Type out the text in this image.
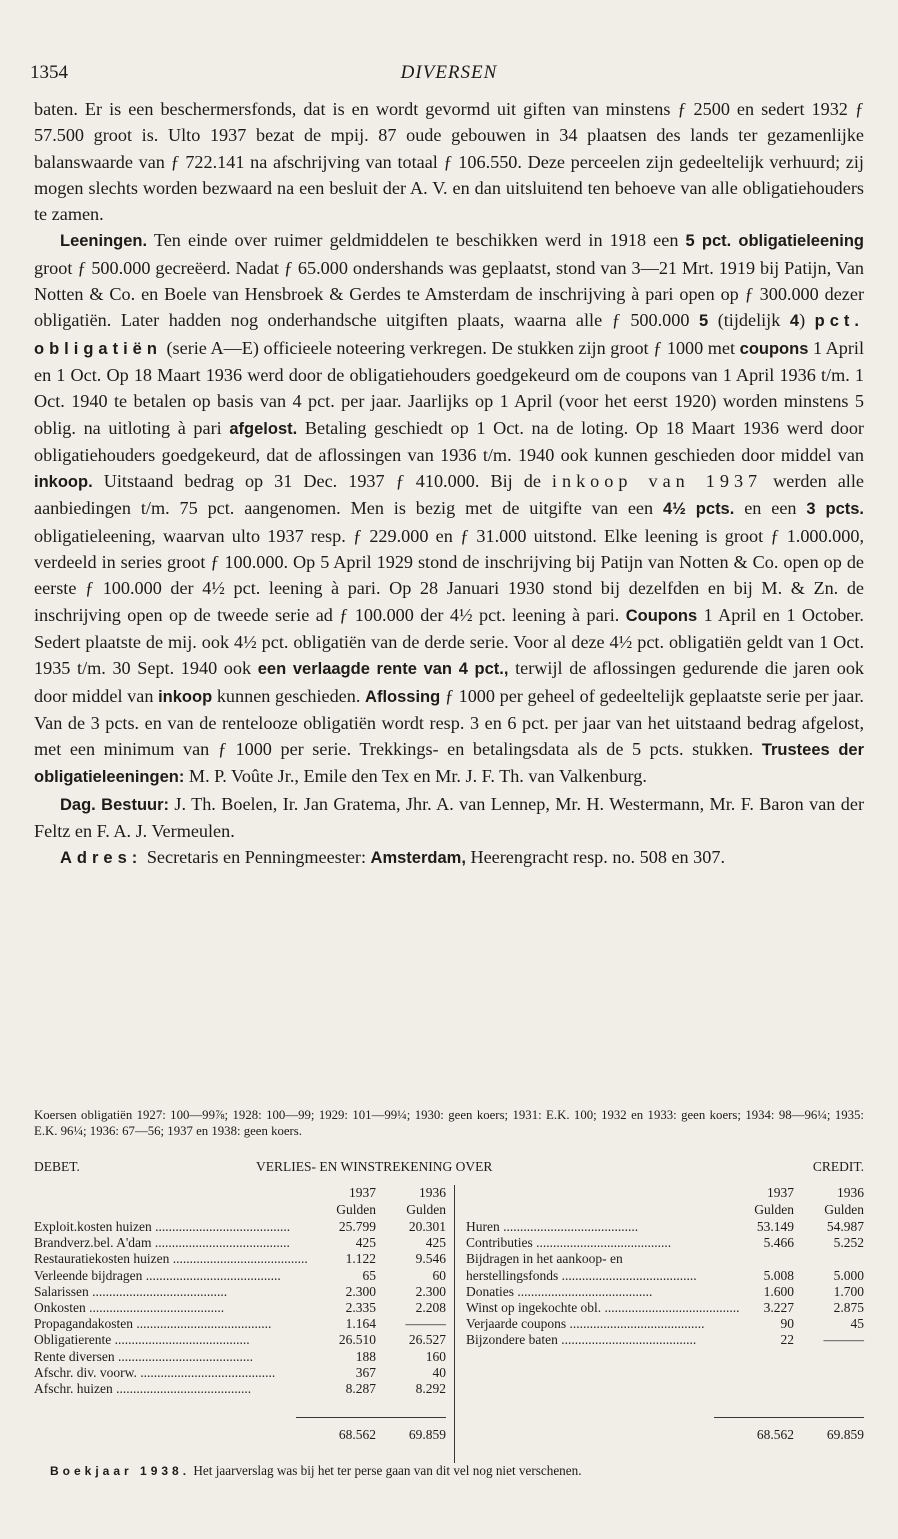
1354	DIVERSEN

baten. Er is een beschermersfonds, dat is en wordt gevormd uit giften van minstens ƒ 2500 en sedert 1932 ƒ 57.500 groot is. Ulto 1937 bezat de mpij. 87 oude gebouwen in 34 plaatsen des lands ter gezamenlijke balanswaarde van ƒ 722.141 na afschrijving van totaal ƒ 106.550. Deze perceelen zijn gedeeltelijk verhuurd; zij mogen slechts worden bezwaard na een besluit der A. V. en dan uitsluitend ten behoeve van alle obligatiehouders te zamen.

Leeningen. Ten einde over ruimer geldmiddelen te beschikken werd in 1918 een 5 pct. obligatieleening groot ƒ 500.000 gecreëerd. Nadat ƒ 65.000 ondershands was geplaatst, stond van 3—21 Mrt. 1919 bij Patijn, Van Notten & Co. en Boele van Hensbroek & Gerdes te Amsterdam de inschrijving à pari open op ƒ 300.000 dezer obligatiën. Later hadden nog onderhandsche uitgiften plaats, waarna alle ƒ 500.000 5 (tijdelijk 4) pct. obligatiën (serie A—E) officieele noteering verkregen. De stukken zijn groot ƒ 1000 met coupons 1 April en 1 Oct. Op 18 Maart 1936 werd door de obligatiehouders goedgekeurd om de coupons van 1 April 1936 t/m. 1 Oct. 1940 te betalen op basis van 4 pct. per jaar. Jaarlijks op 1 April (voor het eerst 1920) worden minstens 5 oblig. na uitloting à pari afgelost. Betaling geschiedt op 1 Oct. na de loting. Op 18 Maart 1936 werd door obligatiehouders goedgekeurd, dat de aflossingen van 1936 t/m. 1940 ook kunnen geschieden door middel van inkoop. Uitstaand bedrag op 31 Dec. 1937 ƒ 410.000. Bij de inkoop van 1937 werden alle aanbiedingen t/m. 75 pct. aangenomen. Men is bezig met de uitgifte van een 4½ pcts. en een 3 pcts. obligatieleening, waarvan ulto 1937 resp. ƒ 229.000 en ƒ 31.000 uitstond. Elke leening is groot ƒ 1.000.000, verdeeld in series groot ƒ 100.000. Op 5 April 1929 stond de inschrijving bij Patijn van Notten & Co. open op de eerste ƒ 100.000 der 4½ pct. leening à pari. Op 28 Januari 1930 stond bij dezelfden en bij M. & Zn. de inschrijving open op de tweede serie ad ƒ 100.000 der 4½ pct. leening à pari. Coupons 1 April en 1 October. Sedert plaatste de mij. ook 4½ pct. obligatiën van de derde serie. Voor al deze 4½ pct. obligatiën geldt van 1 Oct. 1935 t/m. 30 Sept. 1940 ook een verlaagde rente van 4 pct., terwijl de aflossingen gedurende die jaren ook door middel van inkoop kunnen geschieden. Aflossing ƒ 1000 per geheel of gedeeltelijk geplaatste serie per jaar. Van de 3 pcts. en van de rentelooze obligatiën wordt resp. 3 en 6 pct. per jaar van het uitstaand bedrag afgelost, met een minimum van ƒ 1000 per serie. Trekkings- en betalingsdata als de 5 pcts. stukken. Trustees der obligatieleeningen: M. P. Voûte Jr., Emile den Tex en Mr. J. F. Th. van Valkenburg.

Dag. Bestuur: J. Th. Boelen, Ir. Jan Gratema, Jhr. A. van Lennep, Mr. H. Westermann, Mr. F. Baron van der Feltz en F. A. J. Vermeulen.

Adres: Secretaris en Penningmeester: Amsterdam, Heerengracht resp. no. 508 en 307.

Koersen obligatiën 1927: 100—99⅞; 1928: 100—99; 1929: 101—99¼; 1930: geen koers; 1931: E.K. 100; 1932 en 1933: geen koers; 1934: 98—96¼; 1935: E.K. 96¼; 1936: 67—56; 1937 en 1938: geen koers.
DEBET.	VERLIES- EN WINSTREKENING OVER	CREDIT.
1937	1936
Gulden	Gulden
1937	1936
Gulden	Gulden
Exploit.kosten huizen ........................................	25.799	20.301
Brandverz.bel. A'dam ........................................	425	425
Restauratiekosten huizen ........................................	1.122	9.546
Verleende bijdragen ........................................	65	60
Salarissen ........................................	2.300	2.300
Onkosten ........................................	2.335	2.208
Propagandakosten ........................................	1.164	———
Obligatierente ........................................	26.510	26.527
Rente diversen ........................................	188	160
Afschr. div. voorw. ........................................	367	40
Afschr. huizen ........................................	8.287	8.292
Huren ........................................	53.149	54.987
Contributies ........................................	5.466	5.252
Bijdragen in het aankoop- en
herstellingsfonds ........................................	5.008	5.000
Donaties ........................................	1.600	1.700
Winst op ingekochte obl. ........................................	3.227	2.875
Verjaarde coupons ........................................	90	45
Bijzondere baten ........................................	22	———
68.562	69.859	68.562	69.859
Boekjaar 1938. Het jaarverslag was bij het ter perse gaan van dit vel nog niet verschenen.
